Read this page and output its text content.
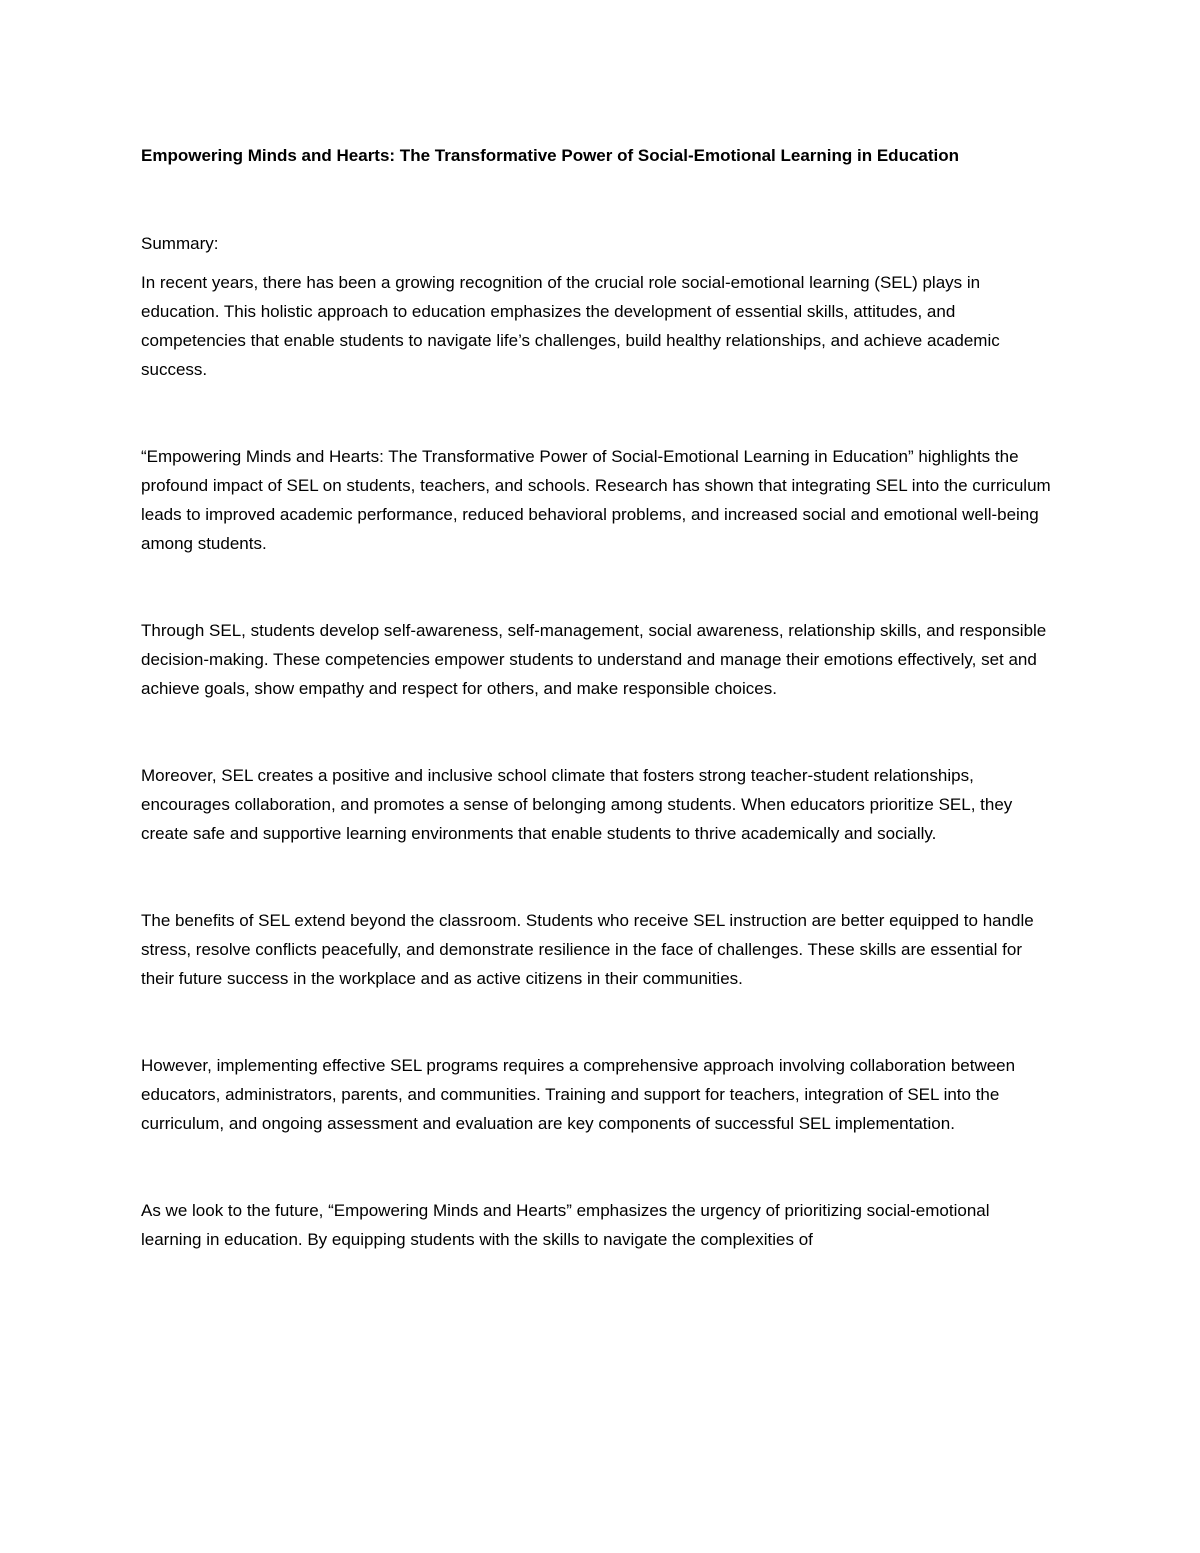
Empowering Minds and Hearts: The Transformative Power of Social-Emotional Learning in Education
Summary:

In recent years, there has been a growing recognition of the crucial role social-emotional learning (SEL) plays in education. This holistic approach to education emphasizes the development of essential skills, attitudes, and competencies that enable students to navigate life’s challenges, build healthy relationships, and achieve academic success.

“Empowering Minds and Hearts: The Transformative Power of Social-Emotional Learning in Education” highlights the profound impact of SEL on students, teachers, and schools. Research has shown that integrating SEL into the curriculum leads to improved academic performance, reduced behavioral problems, and increased social and emotional well-being among students.

Through SEL, students develop self-awareness, self-management, social awareness, relationship skills, and responsible decision-making. These competencies empower students to understand and manage their emotions effectively, set and achieve goals, show empathy and respect for others, and make responsible choices.

Moreover, SEL creates a positive and inclusive school climate that fosters strong teacher-student relationships, encourages collaboration, and promotes a sense of belonging among students. When educators prioritize SEL, they create safe and supportive learning environments that enable students to thrive academically and socially.

The benefits of SEL extend beyond the classroom. Students who receive SEL instruction are better equipped to handle stress, resolve conflicts peacefully, and demonstrate resilience in the face of challenges. These skills are essential for their future success in the workplace and as active citizens in their communities.

However, implementing effective SEL programs requires a comprehensive approach involving collaboration between educators, administrators, parents, and communities. Training and support for teachers, integration of SEL into the curriculum, and ongoing assessment and evaluation are key components of successful SEL implementation.

As we look to the future, “Empowering Minds and Hearts” emphasizes the urgency of prioritizing social-emotional learning in education. By equipping students with the skills to navigate the complexities of
